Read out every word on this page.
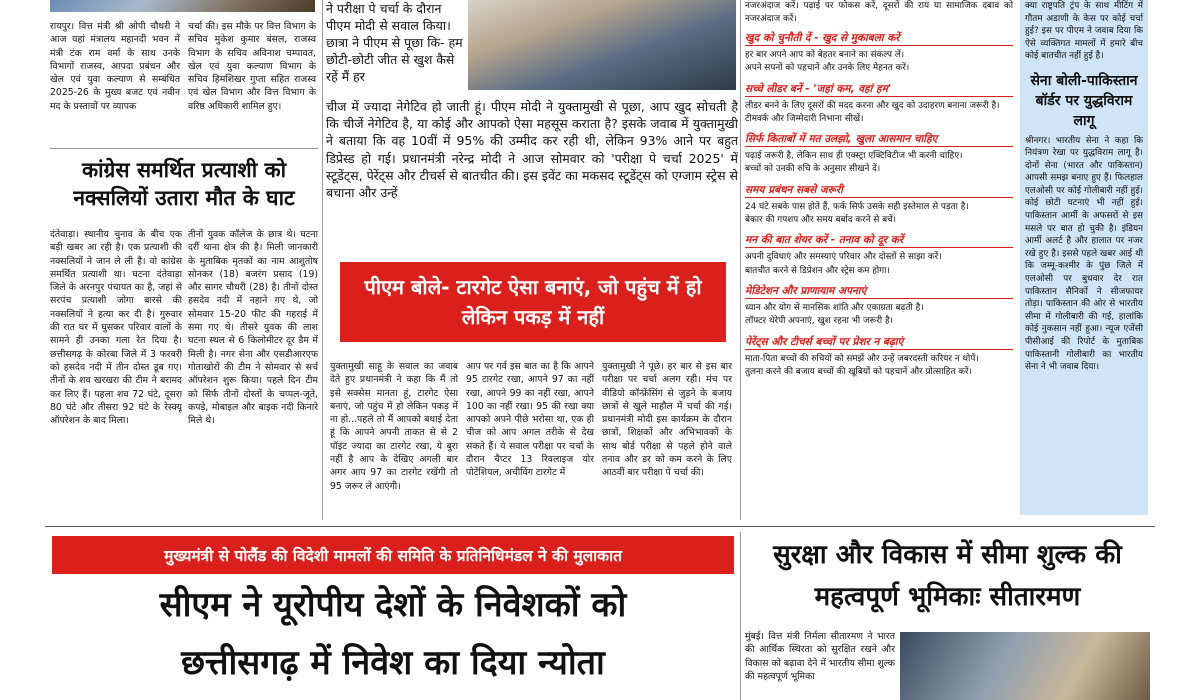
रायपुर। वित्त मंत्री श्री ओपी चौधरी ने आज यहां मंत्रालय महानदी भवन में मंत्री टंक राम वर्मा के साथ उनके विभागों राजस्व, आपदा प्रबंधन और खेल एवं युवा कल्याण से सम्बंधित 2025-26 के मुख्य बजट एवं नवीन मद के प्रस्तावों पर व्यापक

चर्चा की। इस मौके पर वित्त विभाग के सचिव मुकेश कुमार बंसल, राजस्व विभाग के सचिव अविनाश चम्पावत, खेल एवं युवा कल्याण विभाग के सचिव हिमशिखर गुप्ता सहित राजस्व एवं खेल विभाग और वित्त विभाग के वरिष्ठ अधिकारी शामिल हुए।

कांग्रेस समर्थित प्रत्याशी को नक्सलियों उतारा मौत के घाट

दंतेवाड़ा। स्थानीय चुनाव के बीच एक बड़ी खबर आ रही है। एक प्रत्याशी की नक्सलियों ने जान ले ली है। वो कांग्रेस समर्थित प्रत्याशी था। घटना दंतेवाड़ा जिले के अरनपुर पंचायत का है, जहां से सरपंच प्रत्याशी जोगा बारसे की नक्सलियों ने हत्या कर दी है। गुरुवार की रात घर में घुसकर परिवार वालों के सामने ही उनका गला रेत दिया है। छत्तीसगढ़ के कोरबा जिले में 3 फरवरी को हसदेव नदी में तीन दोस्त डूब गए। तीनों के शव खरखरा की टीम ने बरामद कर लिए हैं। पहला शव 72 घंटे, दूसरा 80 घंटे और तीसरा 92 घंटे के रेस्क्यू ऑपरेशन के बाद मिला।

तीनों युवक कॉलेज के छात्र थे। घटना दर्री थाना क्षेत्र की है। मिली जानकारी के मुताबिक मृतकों का नाम आशुतोष सोनकर (18) बजरंग प्रसाद (19) और सागर चौधरी (28) है। तीनों दोस्त हसदेव नदी में नहाने गए थे, जो सोमवार 15-20 फीट की गहराई में समा गए थे। तीसरे युवक की लाश घटना स्थल से 6 किलोमीटर दूर डैम में मिली है। नगर सेना और एसडीआरएफ गोताखोरों की टीम ने सोमवार से सर्च ऑपरेशन शुरू किया। पहले दिन टीम को सिर्फ तीनों दोस्तों के चप्पल-जूते, कपड़े, मोबाइल और बाइक नदी किनारे मिले थे।

ने परीक्षा पे चर्चा के दौरान पीएम मोदी से सवाल किया। छात्रा ने पीएम से पूछा कि- हम छोटी-छोटी जीत से खुश कैसे रहें मैं हर

चीज में ज्यादा नेगेटिव हो जाती हूं। पीएम मोदी ने युक्तामुखी से पूछा, आप खुद सोचती है कि चीजें नेगेटिव है, या कोई और आपको ऐसा महसूस कराता है? इसके जवाब में युक्तामुखी ने बताया कि वह 10वीं में 95% की उम्मीद कर रही थी, लेकिन 93% आने पर बहुत डिप्रेस्ड हो गई। प्रधानमंत्री नरेन्द्र मोदी ने आज सोमवार को 'परीक्षा पे चर्चा 2025' में स्टूडेंट्स, पेरेंट्स और टीचर्स से बातचीत की। इस इवेंट का मकसद स्टूडेंट्स को एग्जाम स्ट्रेस से बचाना और उन्हें

पीएम बोले- टारगेट ऐसा बनाएं, जो पहुंच में हो लेकिन पकड़ में नहीं

युक्तामुखी साहू के सवाल का जवाब देते हुए प्रधानमंत्री ने कहा कि मैं तो इसे सक्सेस मानता हूं, टारगेट ऐसा बनाएं, जो पहुंच में हो लेकिन पकड़ में ना हो...पहले तो मैं आपको बधाई देता हूं कि आपने अपनी ताकत से से 2 पॉइंट ज्यादा का टारगेट रखा, ये बुरा नहीं है आप के देखिए अगली बार अगर आप 97 का टारगेट रखेंगी तो 95 जरूर ले आएंगी।

आप पर गर्व इस बात का है कि आपने 95 टारगेट रखा, आपने 97 का नहीं रखा, आपने 99 का नहीं रखा, आपने 100 का नहीं रखा। 95 की रखा क्या आपको अपने पीछे भरोसा था, एक ही चीज को आप अगल तरीके से देख सकते हैं। ये सवाल परीक्षा पर चर्चा के दौरान चैप्टर 13 रिवलाइज योर पोटेंशियल, अचीविंग टारगेट में

युक्तामुखी ने पूछे। हर बार से इस बार परीक्षा पर चर्चा अलग रही। मंच पर वीडियो कॉन्फ्रेंसिंग से जुड़ने के बजाय छात्रों से खुले माहौल में चर्चा की गई। प्रधानमंत्री मोदी इस कार्यक्रम के दौरान छात्रों, शिक्षकों और अभिभावकों के साथ बोर्ड परीक्षा से पहले होने वाले तनाव और डर को कम करने के लिए आठवीं बार परीक्षा पे चर्चा की।

नजरअंदाज करें। पढ़ाई पर फोकस करें, दूसरों की राय या सामाजिक दबाव को नजरअंदाज करें।

खुद को चुनौती दें - खुद से मुकाबला करें

हर बार अपने आप को बेहतर बनाने का संकल्प लें।

अपने सपनों को पहचानें और उनके लिए मेहनत करें।

सच्चे लीडर बनें - 'जहां कम, वहां हम'

लीडर बनने के लिए दूसरों की मदद करना और खुद को उदाहरण बनाना जरूरी है।

टीमवर्क और जिम्मेदारी निभाना सीखें।

सिर्फ किताबों में मत उलझो, खुला आसमान चाहिए

पढ़ाई जरूरी है, लेकिन साथ ही एक्स्ट्रा एक्टिविटीज भी करनी चाहिए।

बच्चों को उनकी रुचि के अनुसार सीखने दें।

समय प्रबंधन सबसे जरूरी

24 घंटे सबके पास होते हैं, फर्क सिर्फ उसके सही इस्तेमाल से पड़ता है।

बेकार की गपशप और समय बर्बाद करने से बचें।

मन की बात शेयर करें - तनाव को दूर करें

अपनी दुविधाएं और समस्याएं परिवार और दोस्तों से साझा करें।

बातचीत करने से डिप्रेशन और स्ट्रेस कम होगा।

मेडिटेशन और प्राणायाम अपनाएं

ध्यान और योग से मानसिक शांति और एकाग्रता बढ़ती है।

लॉफ्टर थेरेपी अपनाएं, खुश रहना भी जरूरी है।

पेरेंट्स और टीचर्स बच्चों पर प्रेशर न बढ़ाएं

माता-पिता बच्चों की रुचियों को समझें और उन्हें जबरदस्ती करियर न थोपें।

तुलना करने की बजाय बच्चों की खूबियों को पहचानें और प्रोत्साहित करें।

क्या राष्ट्रपति ट्रंप के साथ मीटिंग में गौतम अडाणी के केस पर कोई चर्चा हुई? इस पर पीएम ने जवाब दिया कि ऐसे व्यक्तिगत मामलों में हमारे बीच कोई बातचीत नहीं हुई है।

सेना बोली-पाकिस्तान बॉर्डर पर युद्धविराम लागू

श्रीनगर। भारतीय सेना ने कहा कि नियंत्रण रेखा पर युद्धविराम लागू है। दोनों सेना (भारत और पाकिस्तान) आपसी समझ बनाए हुए हैं। फिलहाल एलओसी पर कोई गोलीबारी नहीं हुई। कोई छोटी घटनाएं भी नहीं हुई। पाकिस्तान आर्मी के अफसरों से इस मसले पर बात हो चुकी है। इंडियन आर्मी अलर्ट है और हालात पर नजर रखे हुए है। इससे पहले खबर आई थी कि जम्मू-कश्मीर के पुंछ जिले में एलओसी पर बुधवार देर रात पाकिस्तान सैनिकों ने सीजफायर तोड़ा। पाकिस्तान की ओर से भारतीय सीमा में गोलीबारी की गई, हालांकि कोई नुकसान नहीं हुआ। न्यूज एजेंसी पीसीआई की रिपोर्ट के मुताबिक पाकिस्तानी गोलीबारी का भारतीय सेना ने भी जवाब दिया।

मुख्यमंत्री से पोलैंड की विदेशी मामलों की समिति के प्रतिनिधिमंडल ने की मुलाकात
सीएम ने यूरोपीय देशों के निवेशकों को
छत्तीसगढ़ में निवेश का दिया न्योता
सुरक्षा और विकास में सीमा शुल्क की महत्वपूर्ण भूमिकाः सीतारमण

मुंबई। वित्त मंत्री निर्मला सीतारमण ने भारत की आर्थिक स्थिरता को सुरक्षित रखने और विकास को बढ़ावा देने में भारतीय सीमा शुल्क की महत्वपूर्ण भूमिका
